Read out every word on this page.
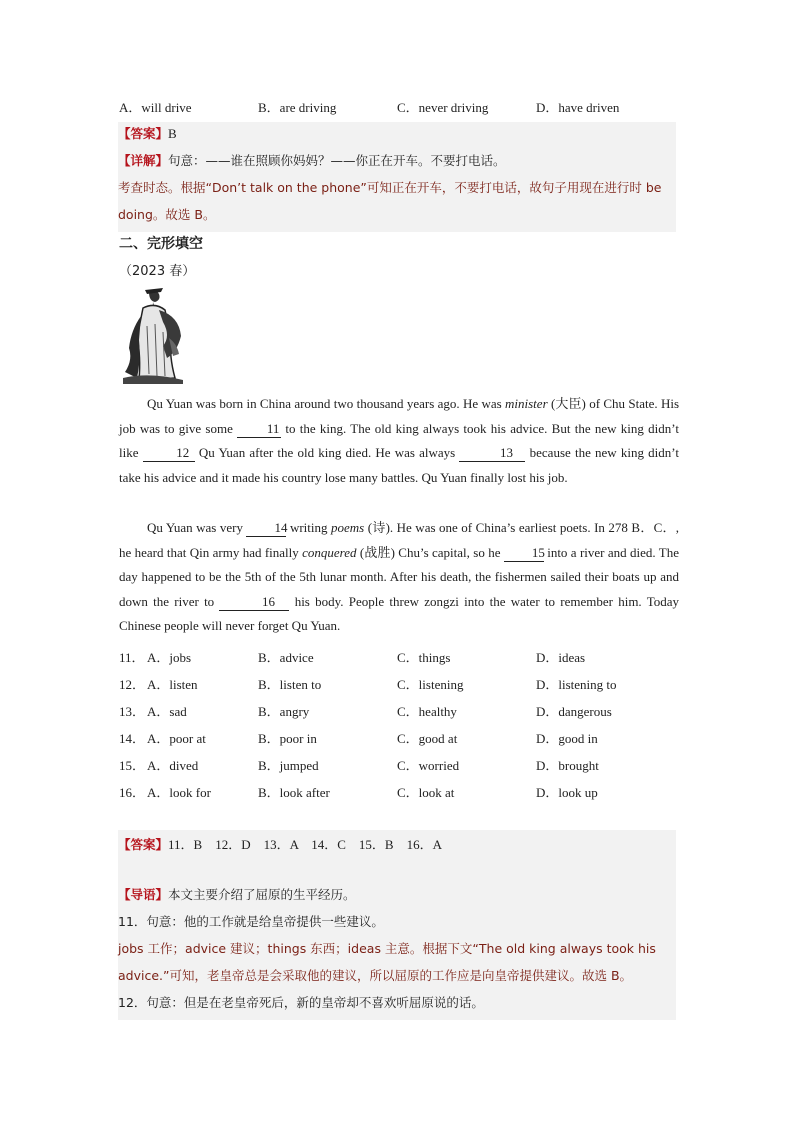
A．will drive	B．are driving	C．never driving	D．have driven
【答案】B
【详解】句意：——谁在照顾你妈妈？——你正在开车。不要打电话。
考查时态。根据“Don’t talk on the phone”可知正在开车，不要打电话，故句子用现在进行时 be
doing。故选 B。
二、完形填空
（2023 春）
Qu Yuan was born in China around two thousand years ago. He was minister (大臣) of Chu State. His job was to give some 11 to the king. The old king always took his advice. But the new king didn’t like	12 Qu Yuan after the old king died. He was always	13 because the new king didn’t take his advice and it made his country lose many battles. Qu Yuan finally lost his job.
Qu Yuan was very 14 writing poems (诗). He was one of China’s earliest poets. In 278 B．C．, he heard that Qin army had finally conquered (战胜) Chu’s capital, so he 15 into a river and died. The day happened to be the 5th of the 5th lunar month. After his death, the fishermen sailed their boats up and down the river to	16 his body. People threw zongzi into the water to remember him. Today Chinese people will never forget Qu Yuan.
11． A．jobs	B．advice	C．things	D．ideas
12． A．listen	B．listen to	C．listening	D．listening to
13． A．sad	B．angry	C．healthy	D．dangerous
14． A．poor at	B．poor in	C．good at	D．good in
15． A．dived	B．jumped	C．worried	D．brought
16． A．look for	B．look after	C．look at	D．look up
【答案】11．B　12．D　13．A　14．C　15．B　16．A
【导语】本文主要介绍了屈原的生平经历。
11．句意：他的工作就是给皇帝提供一些建议。
jobs 工作；advice 建议；things 东西；ideas 主意。根据下文“The old king always took his
advice.”可知，老皇帝总是会采取他的建议，所以屈原的工作应是向皇帝提供建议。故选 B。
12．句意：但是在老皇帝死后，新的皇帝却不喜欢听屈原说的话。
